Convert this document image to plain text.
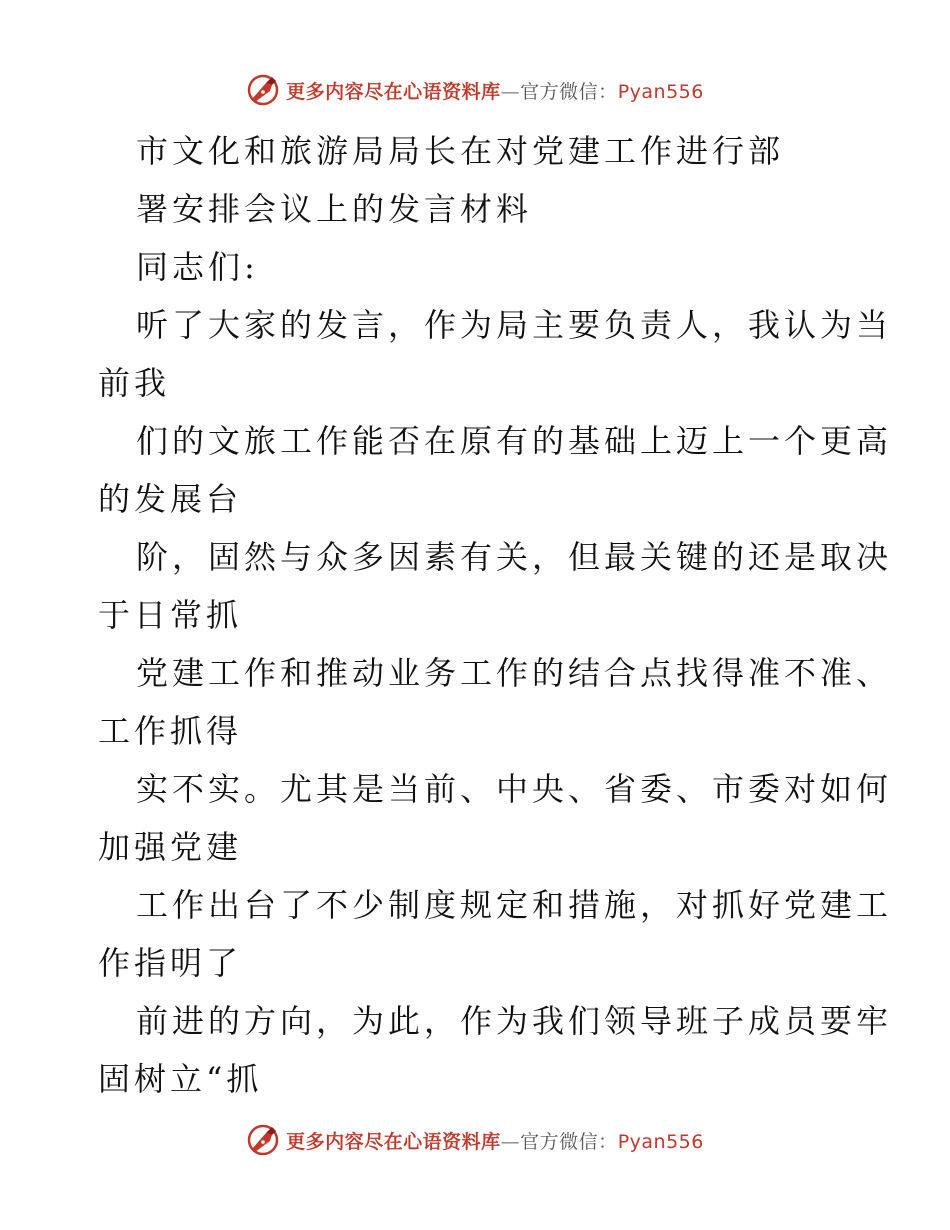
更多内容尽在心语资料库—官方微信：Pyan556
市文化和旅游局局长在对党建工作进行部
署安排会议上的发言材料
同志们:
听了大家的发言，作为局主要负责人，我认为当
前我
们的文旅工作能否在原有的基础上迈上一个更高
的发展台
阶，固然与众多因素有关，但最关键的还是取决
于日常抓
党建工作和推动业务工作的结合点找得准不准、
工作抓得
实不实。尤其是当前、中央、省委、市委对如何
加强党建
工作出台了不少制度规定和措施，对抓好党建工
作指明了
前进的方向，为此，作为我们领导班子成员要牢
固树立“抓
更多内容尽在心语资料库—官方微信：Pyan556
